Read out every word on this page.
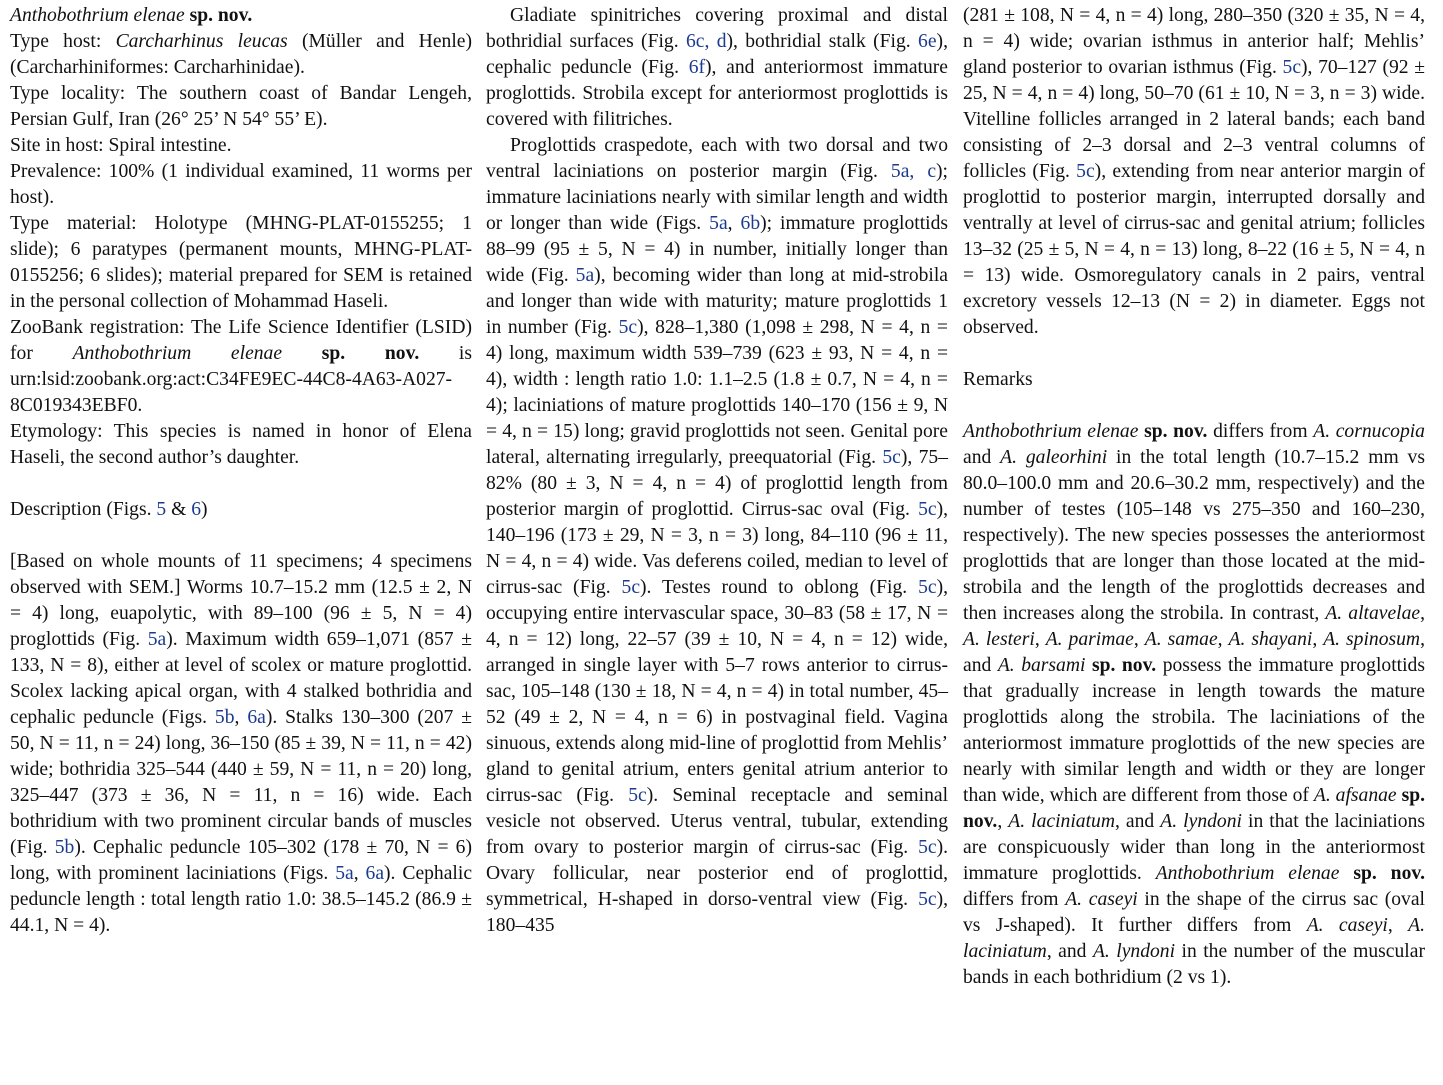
Anthobothrium elenae sp. nov.

Type host: Carcharhinus leucas (Müller and Henle) (Carcharhiniformes: Carcharhinidae).

Type locality: The southern coast of Bandar Lengeh, Persian Gulf, Iran (26° 25’ N 54° 55’ E).

Site in host: Spiral intestine.

Prevalence: 100% (1 individual examined, 11 worms per host).

Type material: Holotype (MHNG-PLAT-0155255; 1 slide); 6 paratypes (permanent mounts, MHNG-PLAT-0155256; 6 slides); material prepared for SEM is retained in the personal collection of Mohammad Haseli.

ZooBank registration: The Life Science Identifier (LSID) for Anthobothrium elenae sp. nov. is urn:lsid:zoobank.org:act:C34FE9EC-44C8-4A63-A027-8C019343EBF0.

Etymology: This species is named in honor of Elena Haseli, the second author’s daughter.

Description (Figs. 5 & 6)

[Based on whole mounts of 11 specimens; 4 specimens observed with SEM.] Worms 10.7–15.2 mm (12.5 ± 2, N = 4) long, euapolytic, with 89–100 (96 ± 5, N = 4) proglottids (Fig. 5a). Maximum width 659–1,071 (857 ± 133, N = 8), either at level of scolex or mature proglottid. Scolex lacking apical organ, with 4 stalked bothridia and cephalic peduncle (Figs. 5b, 6a). Stalks 130–300 (207 ± 50, N = 11, n = 24) long, 36–150 (85 ± 39, N = 11, n = 42) wide; bothridia 325–544 (440 ± 59, N = 11, n = 20) long, 325–447 (373 ± 36, N = 11, n = 16) wide. Each bothridium with two prominent circular bands of muscles (Fig. 5b). Cephalic peduncle 105–302 (178 ± 70, N = 6) long, with prominent laciniations (Figs. 5a, 6a). Cephalic peduncle length : total length ratio 1.0: 38.5–145.2 (86.9 ± 44.1, N = 4).

Gladiate spinitriches covering proximal and distal bothridial surfaces (Fig. 6c, d), bothridial stalk (Fig. 6e), cephalic peduncle (Fig. 6f), and anteriormost immature proglottids. Strobila except for anteriormost proglottids is covered with filitriches.

Proglottids craspedote, each with two dorsal and two ventral laciniations on posterior margin (Fig. 5a, c); immature laciniations nearly with similar length and width or longer than wide (Figs. 5a, 6b); immature proglottids 88–99 (95 ± 5, N = 4) in number, initially longer than wide (Fig. 5a), becoming wider than long at mid-strobila and longer than wide with maturity; mature proglottids 1 in number (Fig. 5c), 828–1,380 (1,098 ± 298, N = 4, n = 4) long, maximum width 539–739 (623 ± 93, N = 4, n = 4), width : length ratio 1.0: 1.1–2.5 (1.8 ± 0.7, N = 4, n = 4); laciniations of mature proglottids 140–170 (156 ± 9, N = 4, n = 15) long; gravid proglottids not seen. Genital pore lateral, alternating irregularly, preequatorial (Fig. 5c), 75–82% (80 ± 3, N = 4, n = 4) of proglottid length from posterior margin of proglottid. Cirrus-sac oval (Fig. 5c), 140–196 (173 ± 29, N = 3, n = 3) long, 84–110 (96 ± 11, N = 4, n = 4) wide. Vas deferens coiled, median to level of cirrus-sac (Fig. 5c). Testes round to oblong (Fig. 5c), occupying entire intervascular space, 30–83 (58 ± 17, N = 4, n = 12) long, 22–57 (39 ± 10, N = 4, n = 12) wide, arranged in single layer with 5–7 rows anterior to cirrus-sac, 105–148 (130 ± 18, N = 4, n = 4) in total number, 45–52 (49 ± 2, N = 4, n = 6) in postvaginal field. Vagina sinuous, extends along mid-line of proglottid from Mehlis’ gland to genital atrium, enters genital atrium anterior to cirrus-sac (Fig. 5c). Seminal receptacle and seminal vesicle not observed. Uterus ventral, tubular, extending from ovary to posterior margin of cirrus-sac (Fig. 5c). Ovary follicular, near posterior end of proglottid, symmetrical, H-shaped in dorso-ventral view (Fig. 5c), 180–435

(281 ± 108, N = 4, n = 4) long, 280–350 (320 ± 35, N = 4, n = 4) wide; ovarian isthmus in anterior half; Mehlis’ gland posterior to ovarian isthmus (Fig. 5c), 70–127 (92 ± 25, N = 4, n = 4) long, 50–70 (61 ± 10, N = 3, n = 3) wide. Vitelline follicles arranged in 2 lateral bands; each band consisting of 2–3 dorsal and 2–3 ventral columns of follicles (Fig. 5c), extending from near anterior margin of proglottid to posterior margin, interrupted dorsally and ventrally at level of cirrus-sac and genital atrium; follicles 13–32 (25 ± 5, N = 4, n = 13) long, 8–22 (16 ± 5, N = 4, n = 13) wide. Osmoregulatory canals in 2 pairs, ventral excretory vessels 12–13 (N = 2) in diameter. Eggs not observed.

Remarks

Anthobothrium elenae sp. nov. differs from A. cornucopia and A. galeorhini in the total length (10.7–15.2 mm vs 80.0–100.0 mm and 20.6–30.2 mm, respectively) and the number of testes (105–148 vs 275–350 and 160–230, respectively). The new species possesses the anteriormost proglottids that are longer than those located at the mid-strobila and the length of the proglottids decreases and then increases along the strobila. In contrast, A. altavelae, A. lesteri, A. parimae, A. samae, A. shayani, A. spinosum, and A. barsami sp. nov. possess the immature proglottids that gradually increase in length towards the mature proglottids along the strobila. The laciniations of the anteriormost immature proglottids of the new species are nearly with similar length and width or they are longer than wide, which are different from those of A. afsanae sp. nov., A. laciniatum, and A. lyndoni in that the laciniations are conspicuously wider than long in the anteriormost immature proglottids. Anthobothrium elenae sp. nov. differs from A. caseyi in the shape of the cirrus sac (oval vs J-shaped). It further differs from A. caseyi, A. laciniatum, and A. lyndoni in the number of the muscular bands in each bothridium (2 vs 1).
